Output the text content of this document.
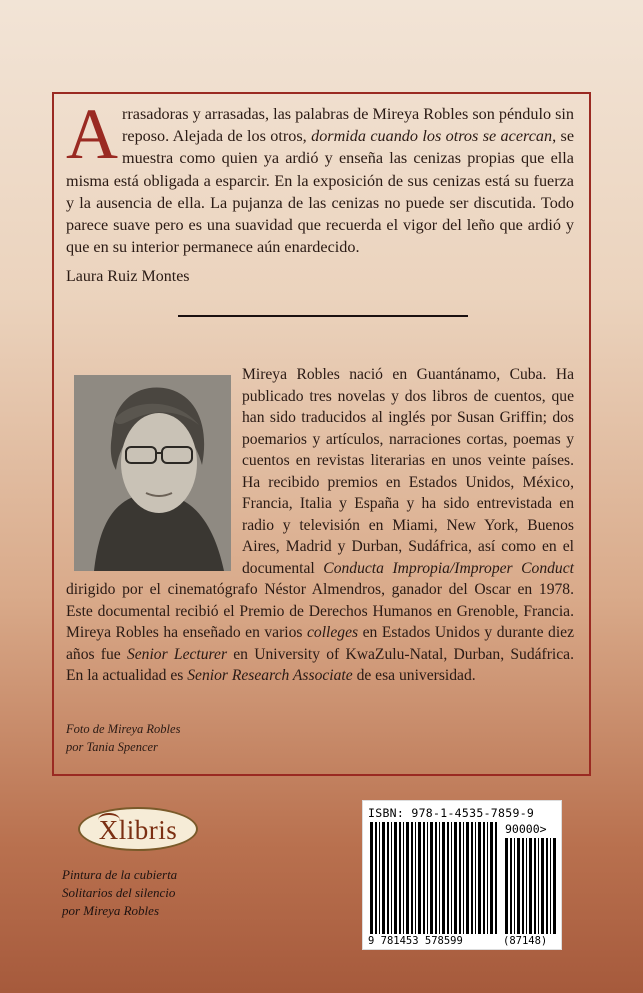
Arrasadoras y arrasadas, las palabras de Mireya Robles son péndulo sin reposo. Alejada de los otros, dormida cuando los otros se acercan, se muestra como quien ya ardió y enseña las cenizas propias que ella misma está obligada a esparcir. En la exposición de sus cenizas está su fuerza y la ausencia de ella. La pujanza de las cenizas no puede ser discutida. Todo parece suave pero es una suavidad que recuerda el vigor del leño que ardió y que en su interior permanece aún enardecido.
Laura Ruiz Montes
Mireya Robles nació en Guantánamo, Cuba. Ha publicado tres novelas y dos libros de cuentos, que han sido traducidos al inglés por Susan Griffin; dos poemarios y artículos, narraciones cortas, poemas y cuentos en revistas literarias en unos veinte países. Ha recibido premios en Estados Unidos, México, Francia, Italia y España y ha sido entrevistada en radio y televisión en Miami, New York, Buenos Aires, Madrid y Durban, Sudáfrica, así como en el documental Conducta Impropia/Improper Conduct dirigido por el cinematógrafo Néstor Almendros, ganador del Oscar en 1978. Este documental recibió el Premio de Derechos Humanos en Grenoble, Francia. Mireya Robles ha enseñado en varios colleges en Estados Unidos y durante diez años fue Senior Lecturer en University of KwaZulu-Natal, Durban, Sudáfrica. En la actualidad es Senior Research Associate de esa universidad.
Foto de Mireya Robles
por Tania Spencer
Xlibris
Pintura de la cubierta
Solitarios del silencio
por Mireya Robles
ISBN: 978-1-4535-7859-9
90000>
9 781453 578599	(87148)
